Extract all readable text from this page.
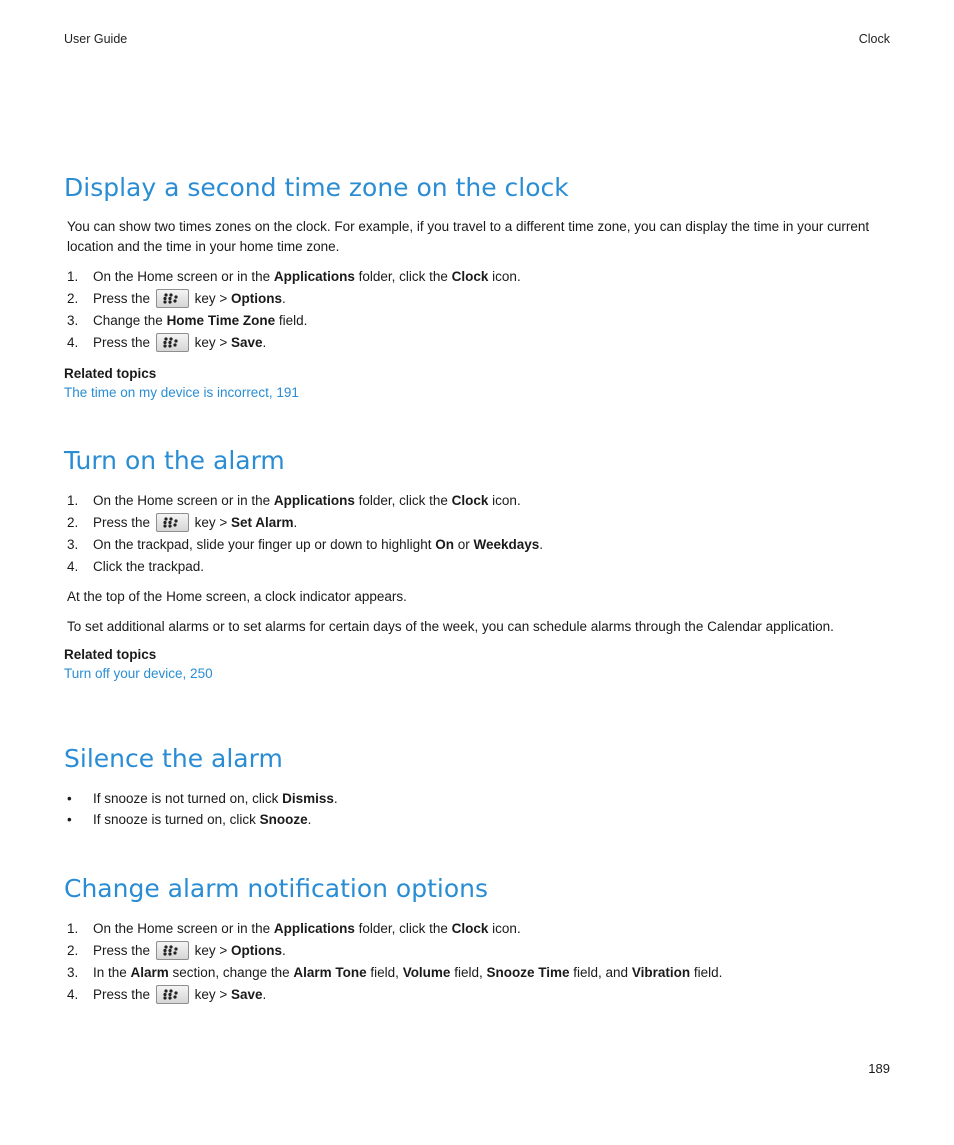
User Guide	Clock
Display a second time zone on the clock

You can show two times zones on the clock. For example, if you travel to a different time zone, you can display the time in your current location and the time in your home time zone.

1. On the Home screen or in the Applications folder, click the Clock icon.
2. Press the	key > Options.
3. Change the Home Time Zone field.
4. Press the	key > Save.
Related topics
The time on my device is incorrect, 191
Turn on the alarm
1. On the Home screen or in the Applications folder, click the Clock icon.
2. Press the	key > Set Alarm.
3. On the trackpad, slide your finger up or down to highlight On or Weekdays.
4. Click the trackpad.

At the top of the Home screen, a clock indicator appears.

To set additional alarms or to set alarms for certain days of the week, you can schedule alarms through the Calendar application.

Related topics
Turn off your device, 250
Silence the alarm
• If snooze is not turned on, click Dismiss.
• If snooze is turned on, click Snooze.
Change alarm notification options
1. On the Home screen or in the Applications folder, click the Clock icon.
2. Press the	key > Options.
3. In the Alarm section, change the Alarm Tone field, Volume field, Snooze Time field, and Vibration field.
4. Press the	key > Save.
189
